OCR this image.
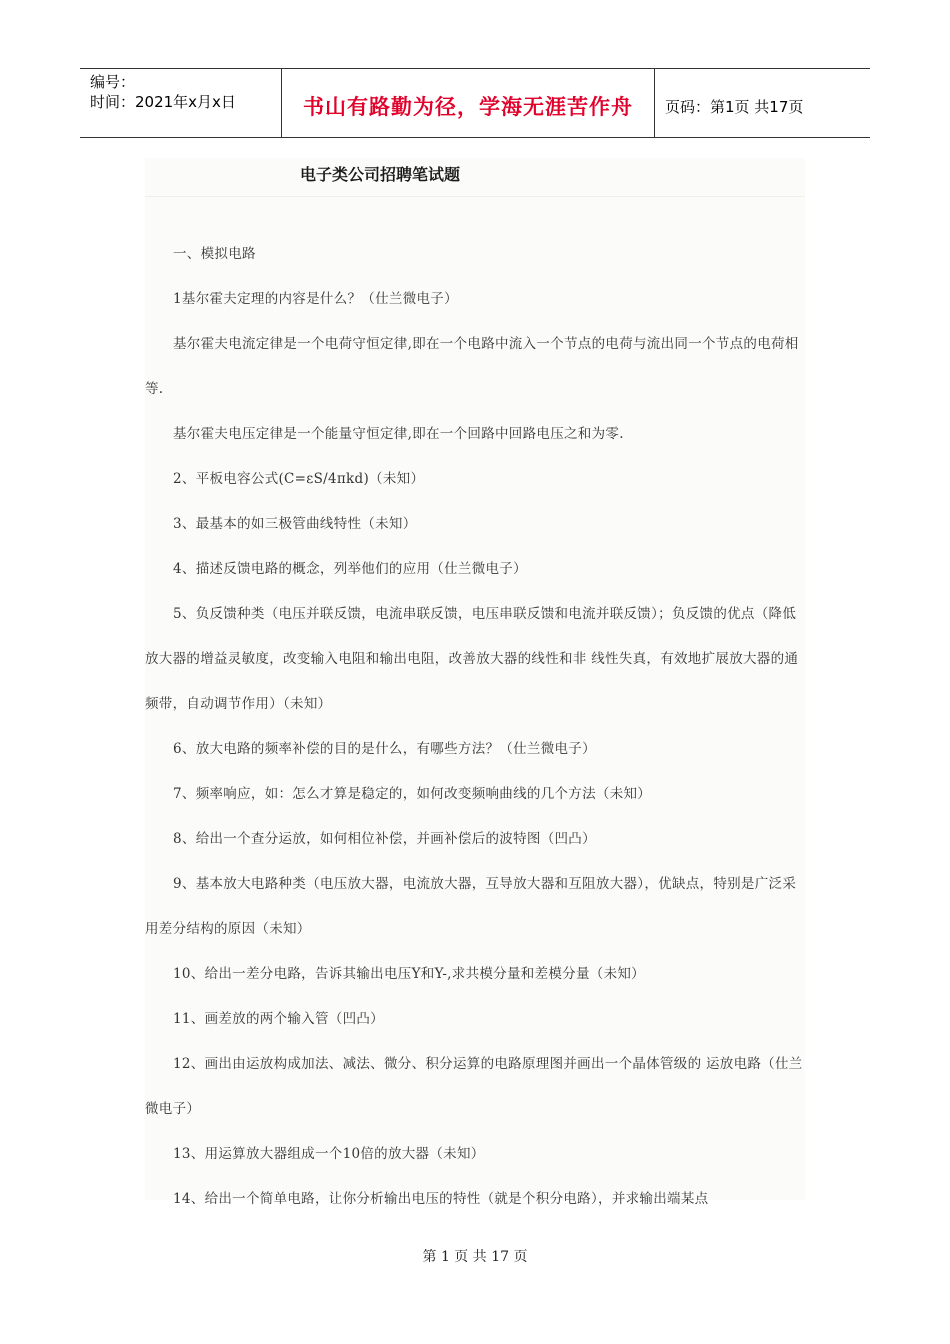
编号：
时间：2021年x月x日	书山有路勤为径，学海无涯苦作舟 页码：第1页 共17页
电子类公司招聘笔试题

一、模拟电路

1基尔霍夫定理的内容是什么？（仕兰微电子）

基尔霍夫电流定律是一个电荷守恒定律,即在一个电路中流入一个节点的电荷与流出同一个节点的电荷相等.

基尔霍夫电压定律是一个能量守恒定律,即在一个回路中回路电压之和为零.

2、平板电容公式(C=εS/4πkd)（未知）

3、最基本的如三极管曲线特性（未知）

4、描述反馈电路的概念，列举他们的应用（仕兰微电子）

5、负反馈种类（电压并联反馈，电流串联反馈，电压串联反馈和电流并联反馈）；负反馈的优点（降低放大器的增益灵敏度，改变输入电阻和输出电阻，改善放大器的线性和非 线性失真，有效地扩展放大器的通频带，自动调节作用）（未知）

6、放大电路的频率补偿的目的是什么，有哪些方法？（仕兰微电子）

7、频率响应，如：怎么才算是稳定的，如何改变频响曲线的几个方法（未知）

8、给出一个查分运放，如何相位补偿，并画补偿后的波特图（凹凸）

9、基本放大电路种类（电压放大器，电流放大器，互导放大器和互阻放大器），优缺点，特别是广泛采用差分结构的原因（未知）

10、给出一差分电路，告诉其输出电压Y和Y-,求共模分量和差模分量（未知）

11、画差放的两个输入管（凹凸）

12、画出由运放构成加法、减法、微分、积分运算的电路原理图并画出一个晶体管级的 运放电路（仕兰微电子）

13、用运算放大器组成一个10倍的放大器（未知）

14、给出一个简单电路，让你分析输出电压的特性（就是个积分电路），并求输出端某点

第 1 页 共 17 页
